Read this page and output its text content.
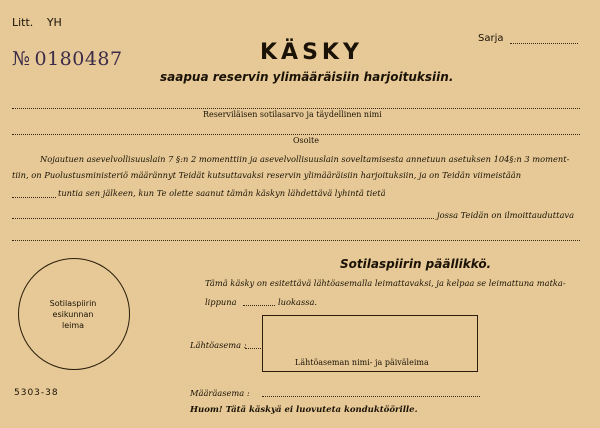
Litt. YH
№ 0180487	KÄSKY
saapua reservin ylimääräisiin harjoituksiin.
Sarja
Reserviläisen sotilasarvo ja täydellinen nimi
Osoite
Nojautuen asevelvollisuuslain 7 §:n 2 momenttiin ja asevelvollisuuslain soveltamisesta annetuun asetuksen 104§:n 3 moment-
tiin, on Puolustusministeriö määrännyt Teidät kutsuttavaksi reservin ylimääräisiin harjoituksiin, ja on Teidän viimeistään
tuntia sen jälkeen, kun Te olette saanut tämän käskyn lähdettävä lyhintä tietä
jossa Teidän on ilmoittauduttava
Sotilaspiirin
esikunnan
leima
5303-38
Sotilaspiirin päällikkö.
Tämä käsky on esitettävä lähtöasemalla leimattavaksi, ja kelpaa se leimattuna matka-
lippuna	luokassa.
Lähtöasema :
Lähtöaseman nimi- ja päiväleima
Määräasema :
Huom! Tätä käskyä ei luovuteta konduktöörille.
